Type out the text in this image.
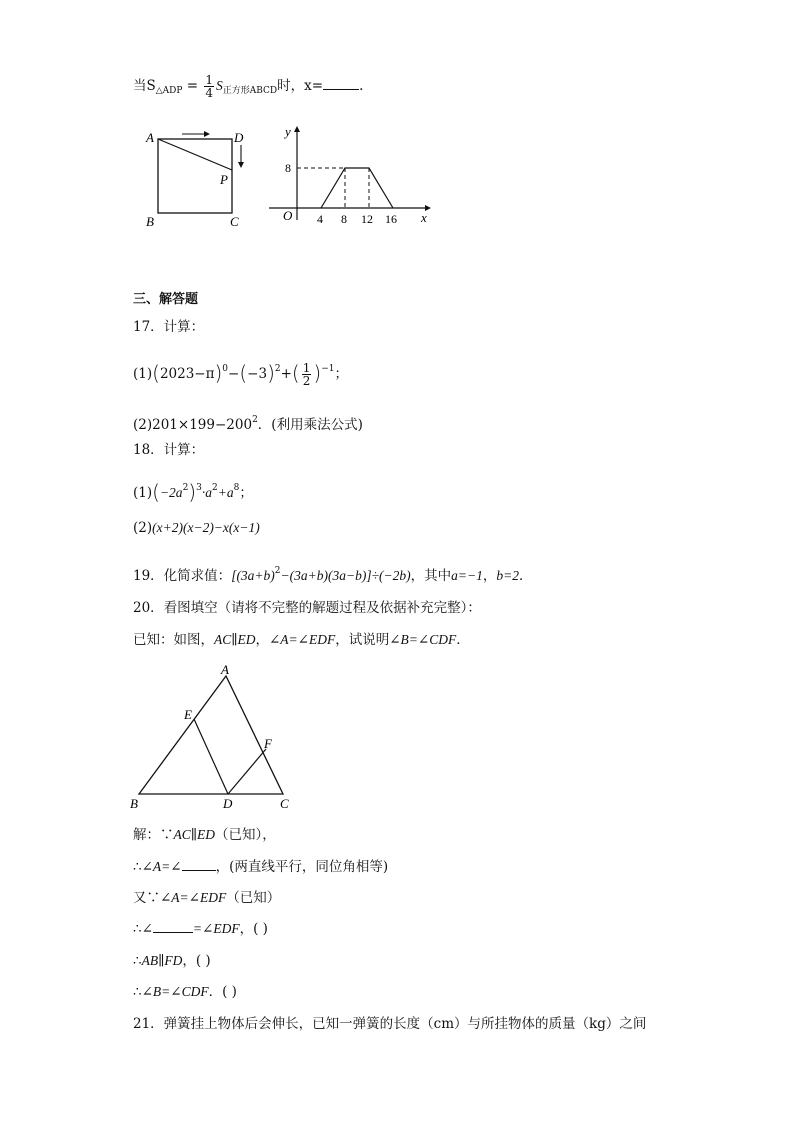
当$S_{\triangle ADP} = \frac{1}{4} S_{正方形ABCD}$时，x=	.
A	D
P
B	C
y
x
O
8
4 8 12 16
三、解答题
17．计算：
$(1)(2023-\pi)^0-(-3)^2+( \frac{1}{2} )^{-1}$；
$(2)201\times 199-200^2$．(利用乘法公式)
18．计算：
$(1)(-2a^2)^3\cdot a^2+a^8$；
(2)(x+2)(x−2)−x(x−1)
19．化简求值：$[(3a+b)^2-(3a+b)(3a-b)]\div(-2b)$，其中a=−1，b=2．
20．看图填空（请将不完整的解题过程及依据补充完整）：
已知：如图，AC∥ED，∠A=∠EDF，试说明∠B=∠CDF．
A
E
F
B	D	C
解：∵AC∥ED（已知），
∴∠A=∠	，(两直线平行，同位角相等)
又∵∠A=∠EDF（已知）
∴∠	=∠EDF，( )
∴AB∥FD，( )
∴∠B=∠CDF．( )
21．弹簧挂上物体后会伸长，已知一弹簧的长度（cm）与所挂物体的质量（kg）之间
